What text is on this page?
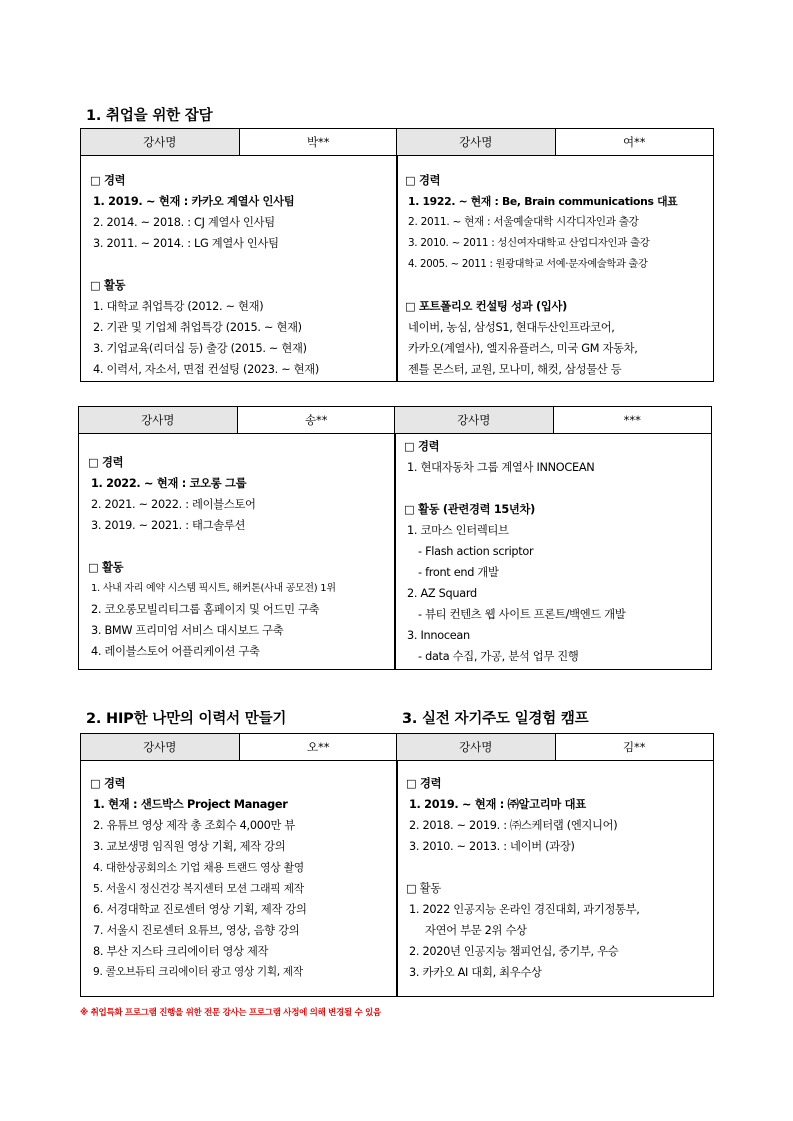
1. 취업을 위한 잡담
2. HIP한 나만의 이력서 만들기	3. 실전 자기주도 일경험 캠프
강사명	박**
□ 경력
1. 2019. ~ 현재 : 카카오 계열사 인사팀
2. 2014. ~ 2018. : CJ 계열사 인사팀
3. 2011. ~ 2014. : LG 계열사 인사팀
□ 활동
1. 대학교 취업특강 (2012. ~ 현재)
2. 기관 및 기업체 취업특강 (2015. ~ 현재)
3. 기업교육(리더십 등) 출강 (2015. ~ 현재)
4. 이력서, 자소서, 면접 컨설팅 (2023. ~ 현재)
강사명	여**
□ 경력
1. 1922. ~ 현재 : Be, Brain communications 대표
2. 2011. ~ 현재 : 서울예술대학 시각디자인과 출강
3. 2010. ~ 2011 : 성신여자대학교 산업디자인과 출강
4. 2005. ~ 2011 : 원광대학교 서예·문자예술학과 출강
□ 포트폴리오 컨설팅 성과 (입사)
네이버, 농심, 삼성S1, 현대두산인프라코어,
카카오(계열사), 엘지유플러스, 미국 GM 자동차,
젠틀 몬스터, 교원, 모나미, 해컷, 삼성물산 등
강사명	송**
□ 경력
1. 2022. ~ 현재 : 코오롱 그룹
2. 2021. ~ 2022. : 레이블스토어
3. 2019. ~ 2021. : 태그솔루션
□ 활동
1. 사내 자리 예약 시스템 픽시트, 해커톤(사내 공모전) 1위
2. 코오롱모빌리티그룹 홈페이지 및 어드민 구축
3. BMW 프리미엄 서비스 대시보드 구축
4. 레이블스토어 어플리케이션 구축
강사명	***
□ 경력
1. 현대자동차 그룹 계열사 INNOCEAN
□ 활동 (관련경력 15년차)
1. 코마스 인터렉티브
- Flash action scriptor
- front end 개발
2. AZ Squard
- 뷰티 컨텐츠 웹 사이트 프론트/백엔드 개발
3. Innocean
- data 수집, 가공, 분석 업무 진행
강사명	오**
□ 경력
1. 현재 : 샌드박스 Project Manager
2. 유튜브 영상 제작 총 조회수 4,000만 뷰
3. 교보생명 임직원 영상 기획, 제작 강의
4. 대한상공회의소 기업 채용 트랜드 영상 촬영
5. 서울시 정신건강 복지센터 모션 그래픽 제작
6. 서경대학교 진로센터 영상 기획, 제작 강의
7. 서울시 진로센터 요튜브, 영상, 음향 강의
8. 부산 지스타 크리에이터 영상 제작
9. 콜오브듀티 크리에이터 광고 영상 기획, 제작
강사명	김**
□ 경력
1. 2019. ~ 현재 : ㈜알고리마 대표
2. 2018. ~ 2019. : ㈜스케터랩 (엔지니어)
3. 2010. ~ 2013. : 네이버 (과장)
□ 활동
1. 2022 인공지능 온라인 경진대회, 과기정통부,
자연어 부문 2위 수상
2. 2020년 인공지능 챔피언십, 중기부, 우승
3. 카카오 AI 대회, 최우수상
※ 취업특화 프로그램 진행을 위한 전문 강사는 프로그램 사정에 의해 변경될 수 있음
